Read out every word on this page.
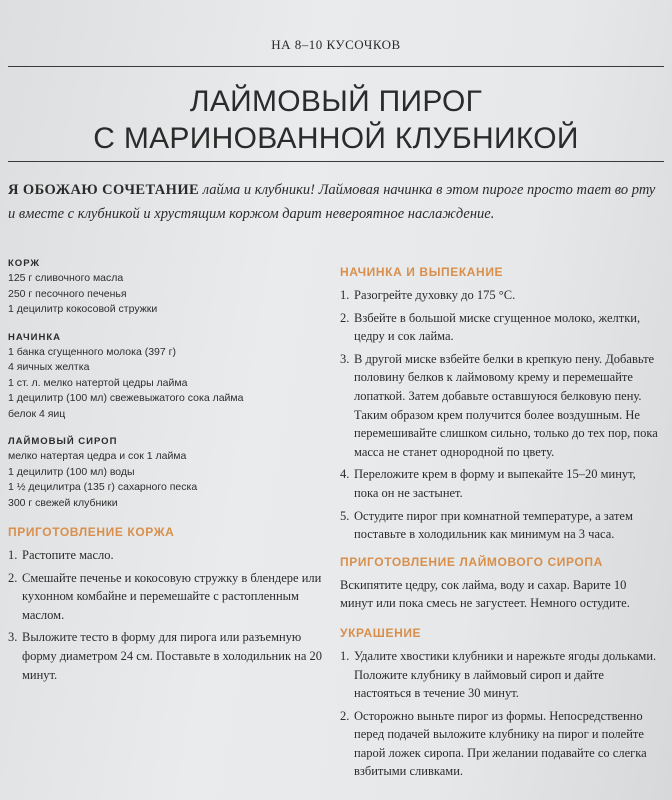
НА 8–10 КУСОЧКОВ
ЛАЙМОВЫЙ ПИРОГ
С МАРИНОВАННОЙ КЛУБНИКОЙ
Я ОБОЖАЮ СОЧЕТАНИЕ лайма и клубники! Лаймовая начинка в этом пироге просто тает во рту и вместе с клубникой и хрустящим коржом дарит невероятное наслаждение.

КОРЖ

125 г сливочного масла

250 г песочного печенья

1 децилитр кокосовой стружки

НАЧИНКА

1 банка сгущенного молока (397 г)

4 яичных желтка

1 ст. л. мелко натертой цедры лайма

1 децилитр (100 мл) свежевыжатого сока лайма

белок 4 яиц

ЛАЙМОВЫЙ СИРОП

мелко натертая цедра и сок 1 лайма

1 децилитр (100 мл) воды

1 ½ децилитра (135 г) сахарного песка

300 г свежей клубники

ПРИГОТОВЛЕНИЕ КОРЖА

1. Растопите масло.
2. Смешайте печенье и кокосовую стружку в блендере или кухонном комбайне и перемешайте с растопленным маслом.
3. Выложите тесто в форму для пирога или разъемную форму диаметром 24 см. Поставьте в холодильник на 20 минут.

НАЧИНКА И ВЫПЕКАНИЕ

1. Разогрейте духовку до 175 °C.
2. Взбейте в большой миске сгущенное молоко, желтки, цедру и сок лайма.
3. В другой миске взбейте белки в крепкую пену. Добавьте половину белков к лаймовому крему и перемешайте лопаткой. Затем добавьте оставшуюся белковую пену. Таким образом крем получится более воздушным. Не перемешивайте слишком сильно, только до тех пор, пока масса не станет однородной по цвету.
4. Переложите крем в форму и выпекайте 15–20 минут, пока он не застынет.
5. Остудите пирог при комнатной температуре, а затем поставьте в холодильник как минимум на 3 часа.

ПРИГОТОВЛЕНИЕ ЛАЙМОВОГО СИРОПА

Вскипятите цедру, сок лайма, воду и сахар. Варите 10 минут или пока смесь не загустеет. Немного остудите.

УКРАШЕНИЕ

1. Удалите хвостики клубники и нарежьте ягоды дольками. Положите клубнику в лаймовый сироп и дайте настояться в течение 30 минут.
2. Осторожно выньте пирог из формы. Непосредственно перед подачей выложите клубнику на пирог и полейте парой ложек сиропа. При желании подавайте со слегка взбитыми сливками.
